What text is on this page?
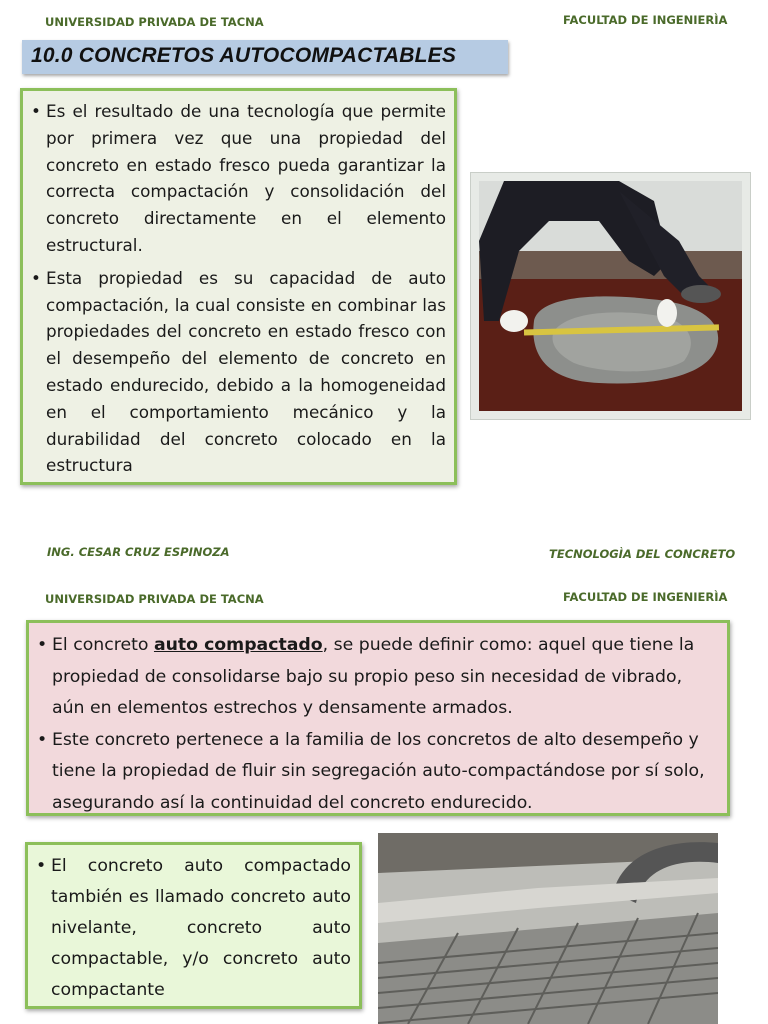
UNIVERSIDAD PRIVADA DE TACNA	FACULTAD DE INGENIERÌA
10.0 CONCRETOS AUTOCOMPACTABLES
• Es el resultado de una tecnología que permite por primera vez que una propiedad del concreto en estado fresco pueda garantizar la correcta compactación y consolidación del concreto directamente en el elemento estructural.
• Esta propiedad es su capacidad de auto compactación, la cual consiste en combinar las propiedades del concreto en estado fresco con el desempeño del elemento de concreto en estado endurecido, debido a la homogeneidad en el comportamiento mecánico y la durabilidad del concreto colocado en la estructura
ING. CESAR CRUZ ESPINOZA	TECNOLOGÌA DEL CONCRETO
UNIVERSIDAD PRIVADA DE TACNA	FACULTAD DE INGENIERÌA
• El concreto auto compactado, se puede definir como: aquel que tiene la propiedad de consolidarse bajo su propio peso sin necesidad de vibrado, aún en elementos estrechos y densamente armados.
• Este concreto pertenece a la familia de los concretos de alto desempeño y tiene la propiedad de fluir sin segregación auto-compactándose por sí solo, asegurando así la continuidad del concreto endurecido.
• El concreto auto compactado también es llamado concreto auto nivelante, concreto auto compactable, y/o concreto auto compactante
